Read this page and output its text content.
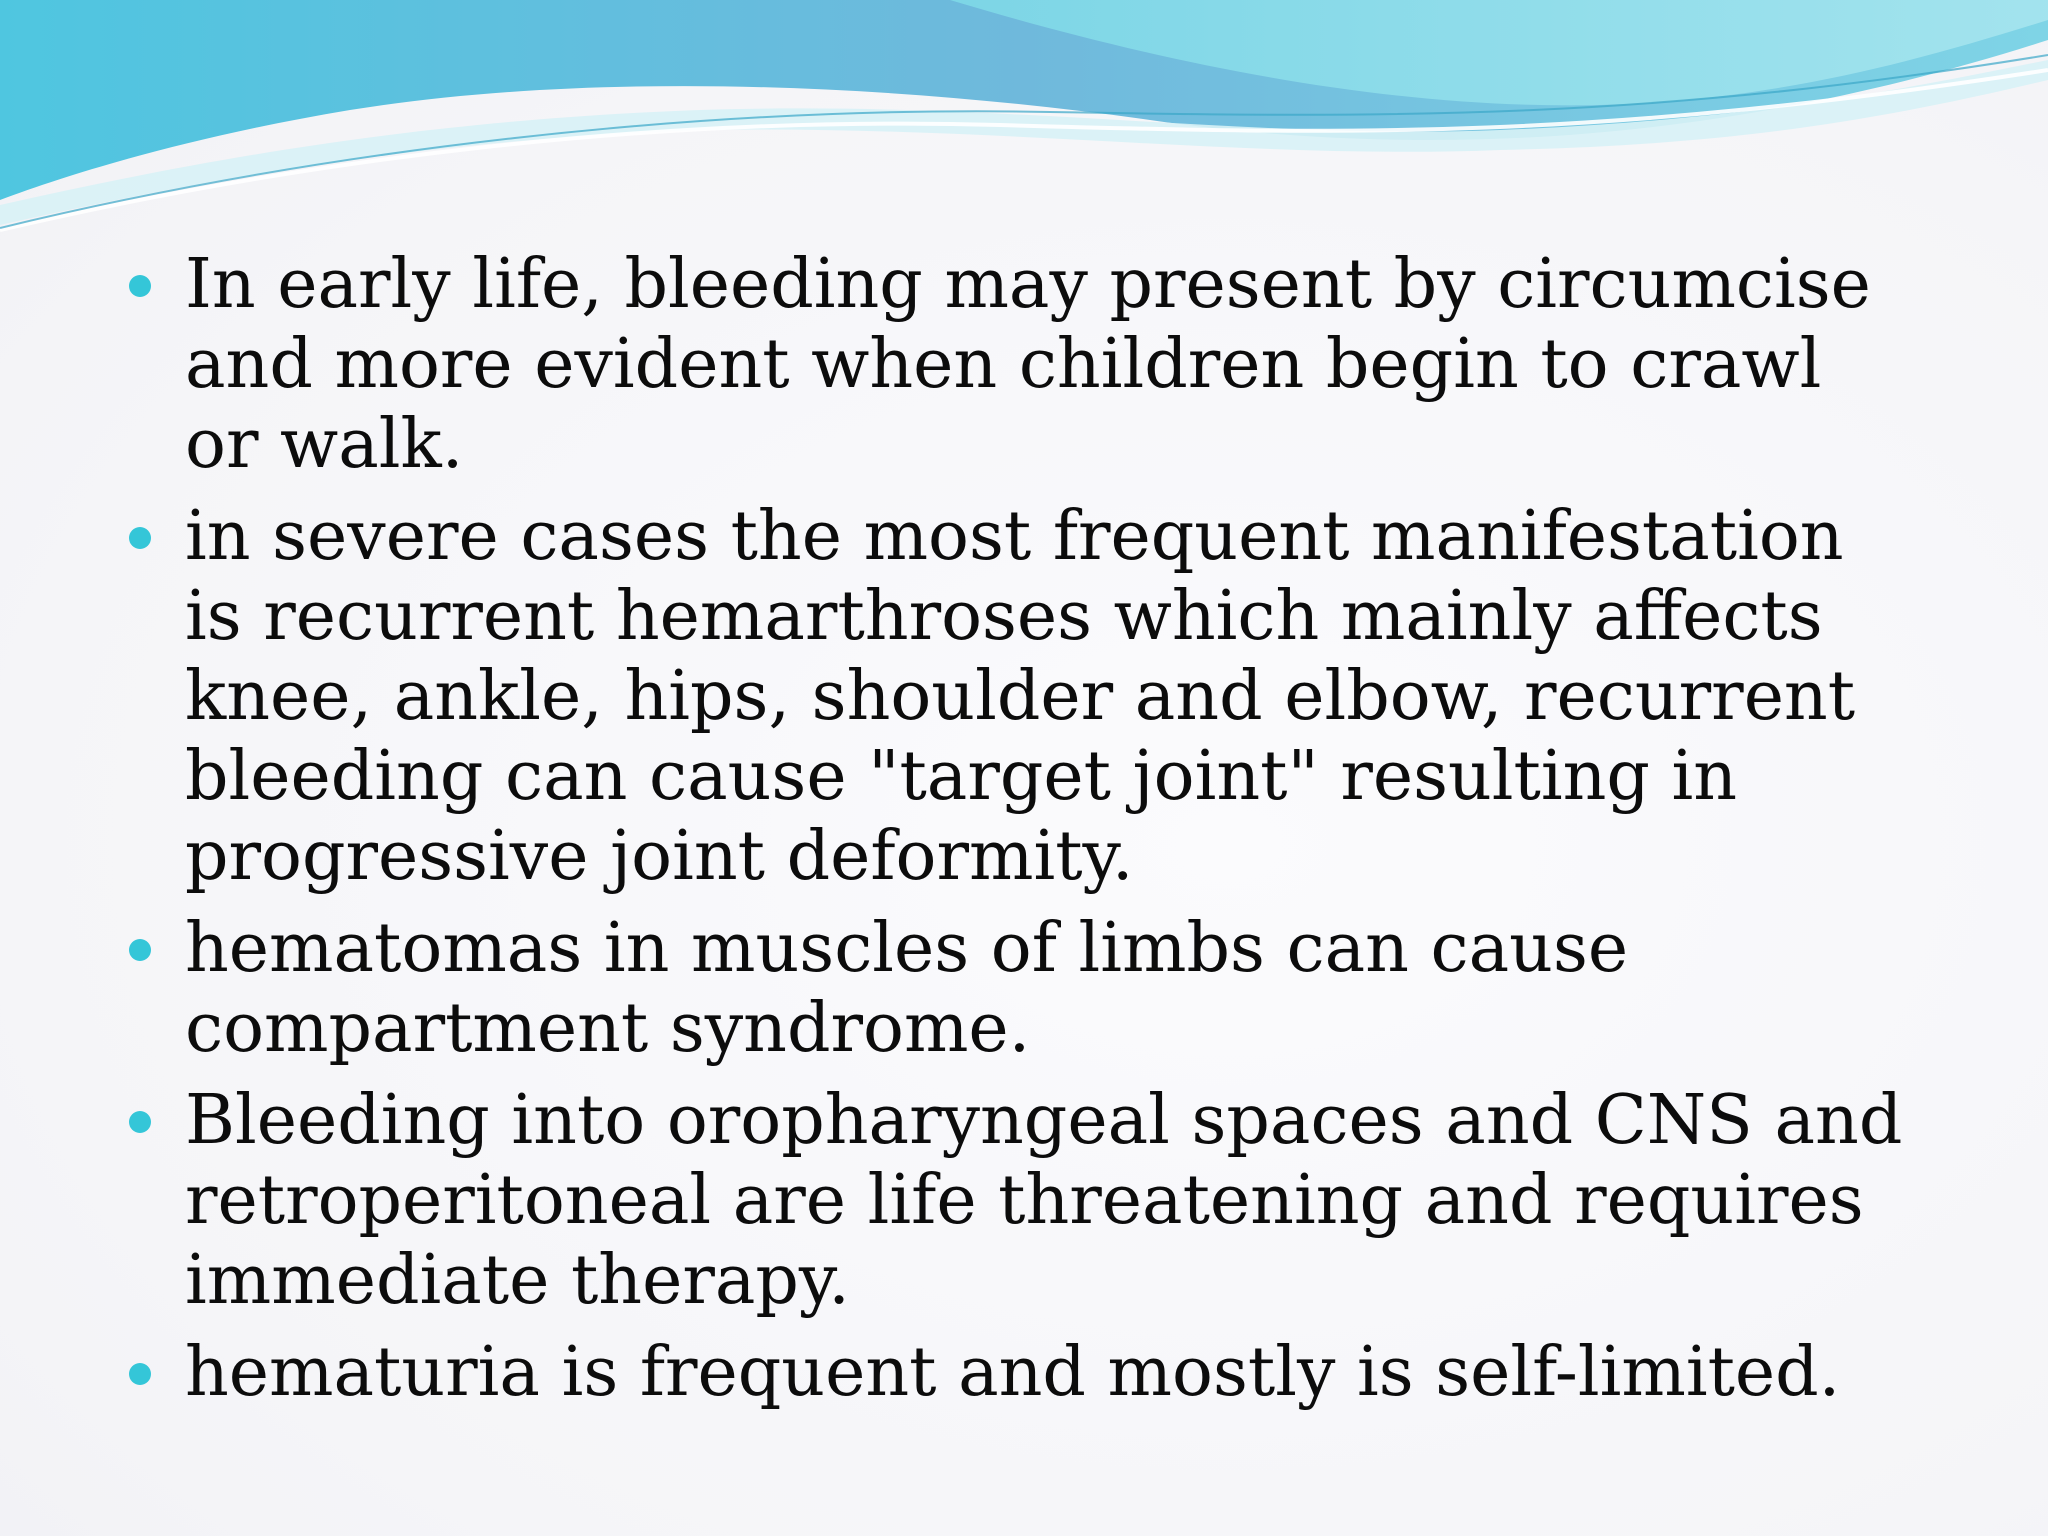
In early life, bleeding may present by circumcise and more evident when children begin to crawl or walk.
in severe cases the most frequent manifestation is recurrent hemarthroses which mainly affects knee, ankle, hips, shoulder and elbow, recurrent bleeding can cause "target joint" resulting in progressive joint deformity.
hematomas in muscles of limbs can cause compartment syndrome.
Bleeding into oropharyngeal spaces and CNS and retroperitoneal are life threatening and requires immediate therapy.
hematuria is frequent and mostly is self-limited.
